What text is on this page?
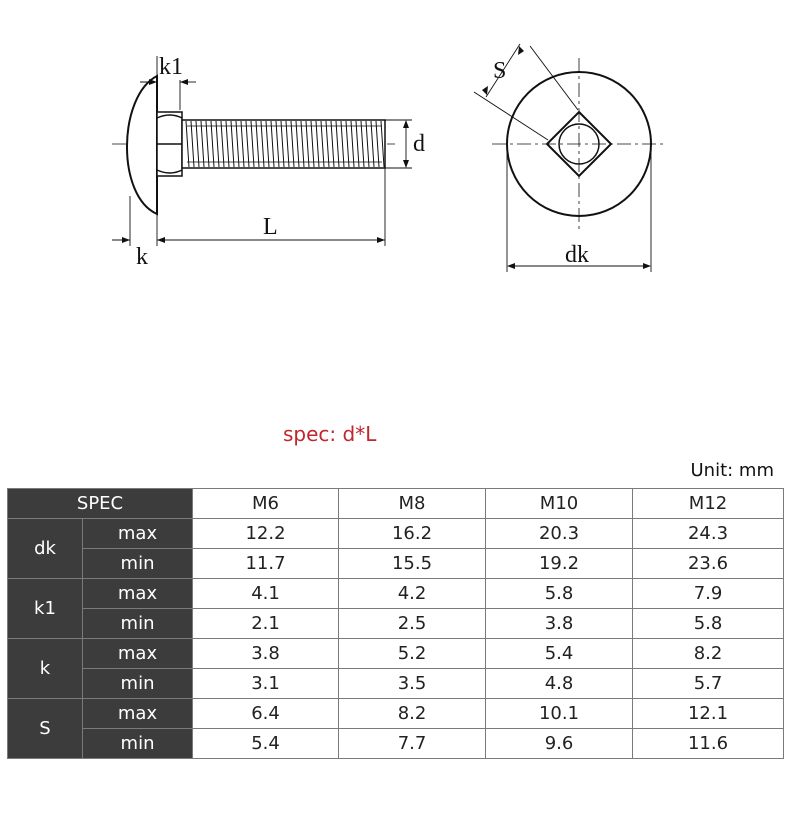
k1
d
L
k
S
dk
spec: d*L
Unit: mm
SPEC		M6	M8	M10	M12
dk	max	12.2	16.2	20.3	24.3
	min	11.7	15.5	19.2	23.6
k1	max	4.1	4.2	5.8	7.9
	min	2.1	2.5	3.8	5.8
k	max	3.8	5.2	5.4	8.2
	min	3.1	3.5	4.8	5.7
S	max	6.4	8.2	10.1	12.1
	min	5.4	7.7	9.6	11.6
